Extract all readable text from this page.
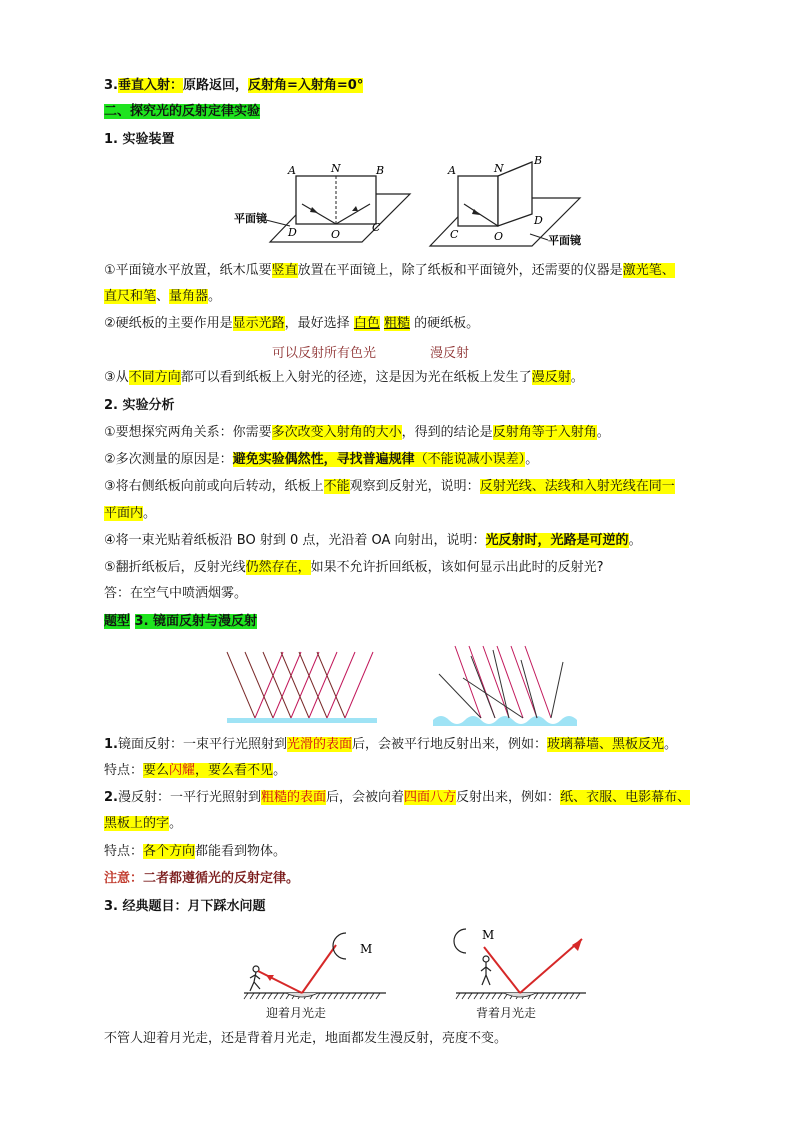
3.垂直入射：原路返回，反射角=入射角=0°
二、探究光的反射定律实验
1. 实验装置
A	N	B
D	O
C
平面镜
A	N
B
C	O
D
平面镜
①平面镜水平放置，纸木瓜要竖直放置在平面镜上，除了纸板和平面镜外，还需要的仪器是激光笔、
直尺和笔、量角器。
②硬纸板的主要作用是显示光路，最好选择 白色 粗糙 的硬纸板。
可以反射所有色光	漫反射
③从不同方向都可以看到纸板上入射光的径迹，这是因为光在纸板上发生了漫反射。
2. 实验分析
①要想探究两角关系：你需要多次改变入射角的大小，得到的结论是反射角等于入射角。
②多次测量的原因是：避免实验偶然性，寻找普遍规律（不能说减小误差）。
③将右侧纸板向前或向后转动，纸板上不能观察到反射光，说明：反射光线、法线和入射光线在同一
平面内。
④将一束光贴着纸板沿 BO 射到 0 点，光沿着 OA 向射出，说明：光反射时，光路是可逆的。
⑤翻折纸板后，反射光线仍然存在，如果不允许折回纸板，该如何显示出此时的反射光?
答：在空气中喷洒烟雾。
题型 3. 镜面反射与漫反射
1.镜面反射：一束平行光照射到光滑的表面后，会被平行地反射出来，例如：玻璃幕墙、黑板反光。
特点：要么闪耀，要么看不见。
2.漫反射：一平行光照射到粗糙的表面后，会被向着四面八方反射出来，例如：纸、衣服、电影幕布、
黑板上的字。
特点：各个方向都能看到物体。
注意：二者都遵循光的反射定律。
3. 经典题目：月下踩水问题
M
迎着月光走
M
背着月光走
不管人迎着月光走，还是背着月光走，地面都发生漫反射，亮度不变。
